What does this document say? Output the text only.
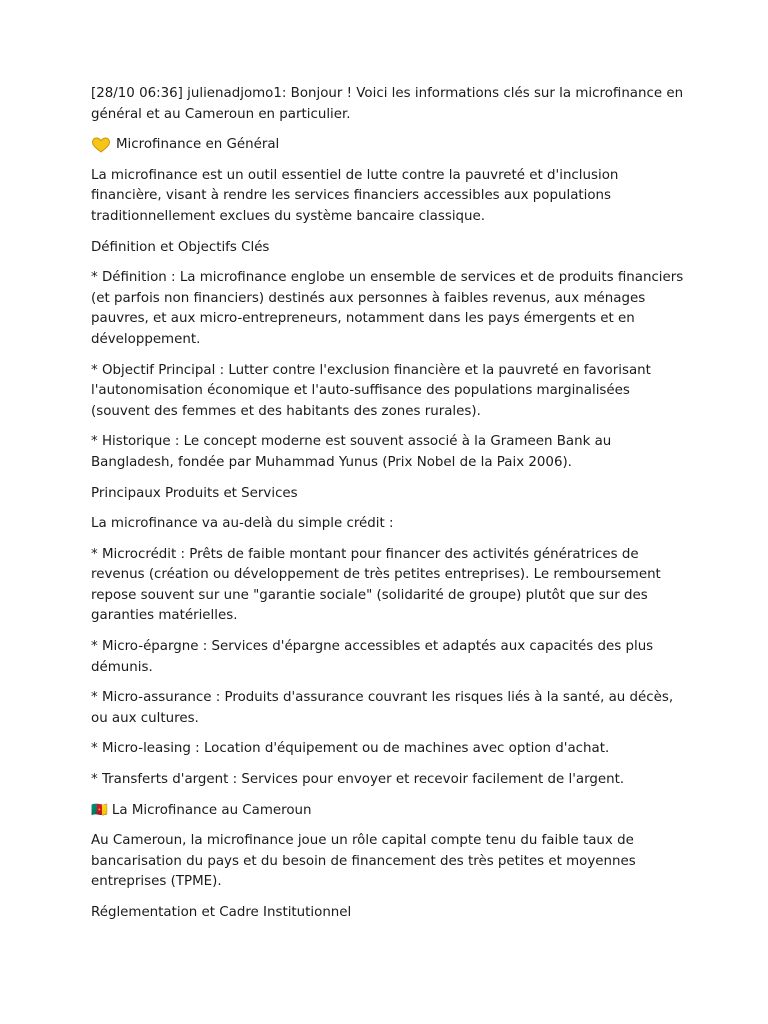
[28/10 06:36] julienadjomo1: Bonjour ! Voici les informations clés sur la microfinance en général et au Cameroun en particulier.

Microfinance en Général

La microfinance est un outil essentiel de lutte contre la pauvreté et d'inclusion financière, visant à rendre les services financiers accessibles aux populations traditionnellement exclues du système bancaire classique.

Définition et Objectifs Clés

* Définition : La microfinance englobe un ensemble de services et de produits financiers (et parfois non financiers) destinés aux personnes à faibles revenus, aux ménages pauvres, et aux micro-entrepreneurs, notamment dans les pays émergents et en développement.

* Objectif Principal : Lutter contre l'exclusion financière et la pauvreté en favorisant l'autonomisation économique et l'auto-suffisance des populations marginalisées (souvent des femmes et des habitants des zones rurales).

* Historique : Le concept moderne est souvent associé à la Grameen Bank au Bangladesh, fondée par Muhammad Yunus (Prix Nobel de la Paix 2006).

Principaux Produits et Services

La microfinance va au-delà du simple crédit :

* Microcrédit : Prêts de faible montant pour financer des activités génératrices de revenus (création ou développement de très petites entreprises). Le remboursement repose souvent sur une "garantie sociale" (solidarité de groupe) plutôt que sur des garanties matérielles.

* Micro-épargne : Services d'épargne accessibles et adaptés aux capacités des plus démunis.

* Micro-assurance : Produits d'assurance couvrant les risques liés à la santé, au décès, ou aux cultures.

* Micro-leasing : Location d'équipement ou de machines avec option d'achat.

* Transferts d'argent : Services pour envoyer et recevoir facilement de l'argent.

🇨🇲 La Microfinance au Cameroun

Au Cameroun, la microfinance joue un rôle capital compte tenu du faible taux de bancarisation du pays et du besoin de financement des très petites et moyennes entreprises (TPME).

Réglementation et Cadre Institutionnel
